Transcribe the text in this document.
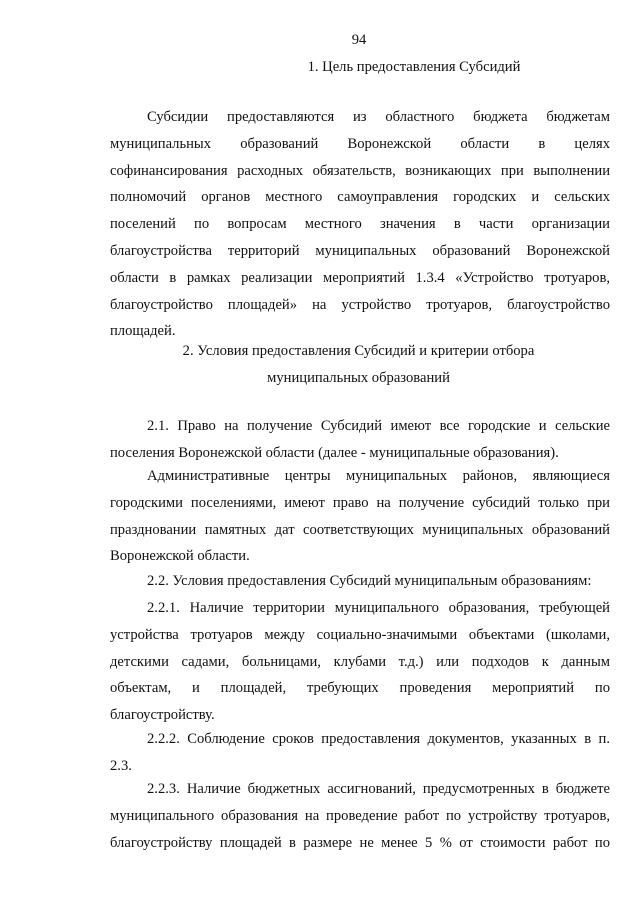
94
1. Цель предоставления Субсидий
Субсидии предоставляются из областного бюджета бюджетам
муниципальных образований Воронежской области в целях
софинансирования расходных обязательств, возникающих при выполнении
полномочий органов местного самоуправления городских и сельских
поселений по вопросам местного значения в части организации
благоустройства территорий муниципальных образований Воронежской
области в рамках реализации мероприятий 1.3.4 «Устройство тротуаров,
благоустройство площадей» на устройство тротуаров, благоустройство
площадей.
2. Условия предоставления Субсидий и критерии отбора
муниципальных образований
2.1. Право на получение Субсидий имеют все городские и сельские
поселения Воронежской области (далее - муниципальные образования).
Административные центры муниципальных районов, являющиеся
городскими поселениями, имеют право на получение субсидий только при
праздновании памятных дат соответствующих муниципальных образований
Воронежской области.
2.2. Условия предоставления Субсидий муниципальным образованиям:
2.2.1. Наличие территории муниципального образования, требующей
устройства тротуаров между социально-значимыми объектами (школами,
детскими садами, больницами, клубами т.д.) или подходов к данным
объектам, и площадей, требующих проведения мероприятий по
благоустройству.
2.2.2. Соблюдение сроков предоставления документов, указанных в п.
2.3.
2.2.3. Наличие бюджетных ассигнований, предусмотренных в бюджете
муниципального образования на проведение работ по устройству тротуаров,
благоустройству площадей в размере не менее 5 % от стоимости работ по
